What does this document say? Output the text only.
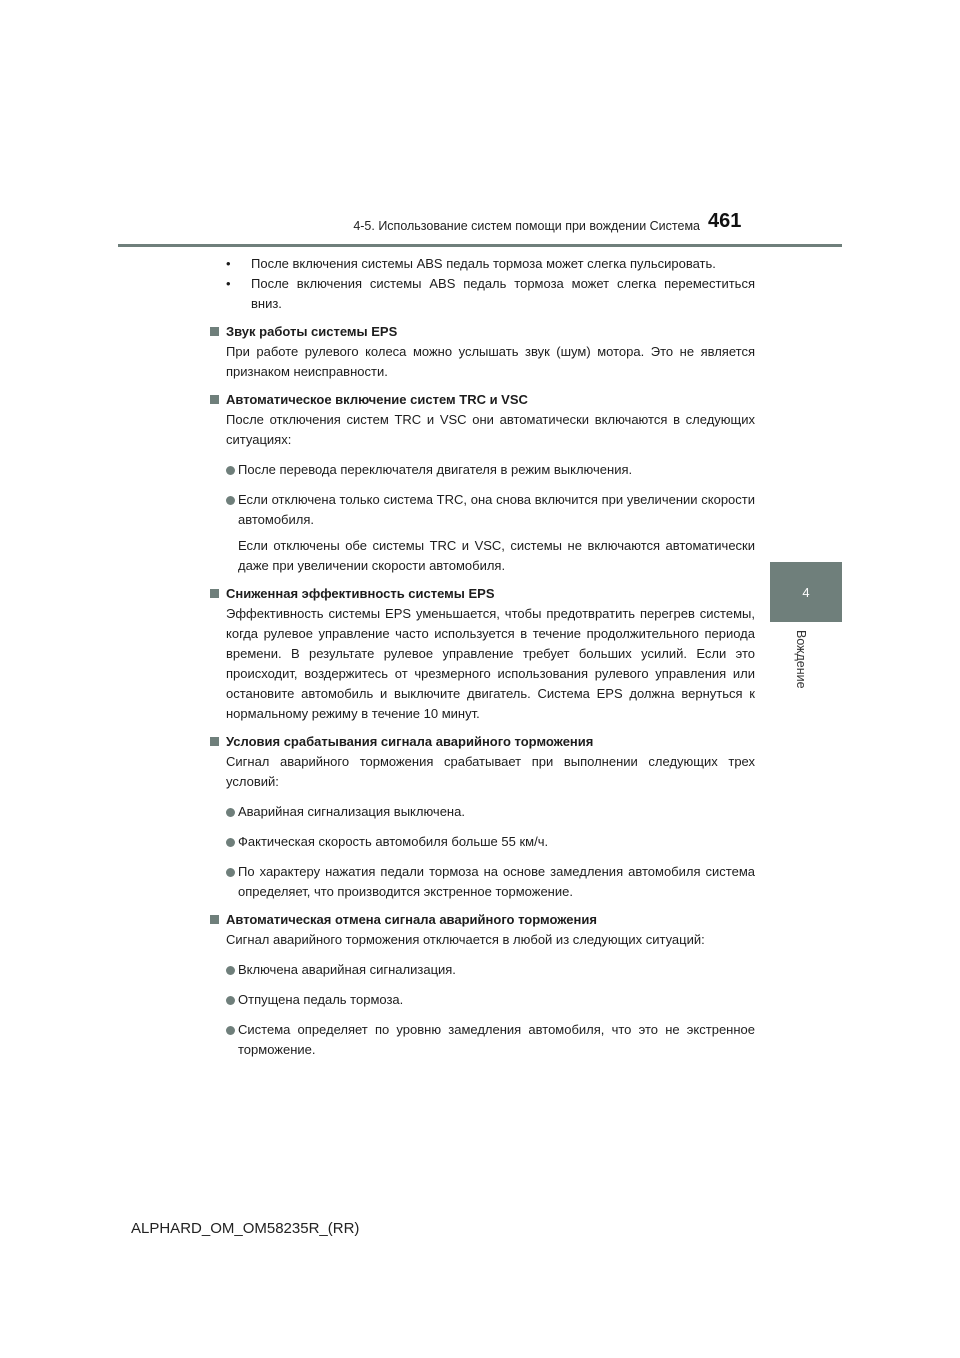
4-5. Использование систем помощи при вождении Система 461
4
Вождение
• После включения системы ABS педаль тормоза может слегка пульсировать.
• После включения системы ABS педаль тормоза может слегка переместиться вниз.
Звук работы системы EPS
При работе рулевого колеса можно услышать звук (шум) мотора. Это не является признаком неисправности.
Автоматическое включение систем TRC и VSC
После отключения систем TRC и VSC они автоматически включаются в следующих ситуациях:
После перевода переключателя двигателя в режим выключения.
Если отключена только система TRC, она снова включится при увеличении скорости автомобиля.
Если отключены обе системы TRC и VSC, системы не включаются автоматически даже при увеличении скорости автомобиля.
Сниженная эффективность системы EPS
Эффективность системы EPS уменьшается, чтобы предотвратить перегрев системы, когда рулевое управление часто используется в течение продолжительного периода времени. В результате рулевое управление требует больших усилий. Если это происходит, воздержитесь от чрезмерного использования рулевого управления или остановите автомобиль и выключите двигатель. Система EPS должна вернуться к нормальному режиму в течение 10 минут.
Условия срабатывания сигнала аварийного торможения
Сигнал аварийного торможения срабатывает при выполнении следующих трех условий:
Аварийная сигнализация выключена.
Фактическая скорость автомобиля больше 55 км/ч.
По характеру нажатия педали тормоза на основе замедления автомобиля система определяет, что производится экстренное торможение.
Автоматическая отмена сигнала аварийного торможения
Сигнал аварийного торможения отключается в любой из следующих ситуаций:
Включена аварийная сигнализация.
Отпущена педаль тормоза.
Система определяет по уровню замедления автомобиля, что это не экстренное торможение.
ALPHARD_OM_OM58235R_(RR)
